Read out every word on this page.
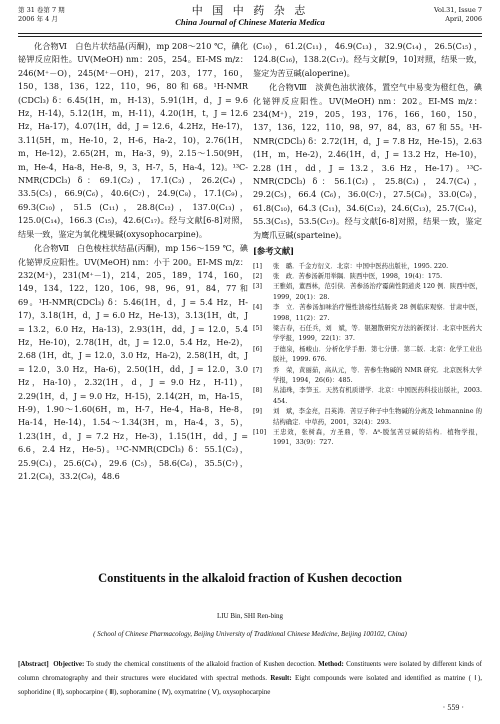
第 31 卷第 7 期
2006 年 4 月
中 国 中 药 杂 志
China Journal of Chinese Materia Medica
Vol.31, Issue 7
April, 2006

化合物Ⅵ　白色片状结晶(丙酮)，mp 208～210 ℃，碘化铋钾反应阳性。UV(MeOH) nm：205，254。EI-MS m/z：246(M⁺－O)，245(M⁺－OH)，217，203，177，160，150，138，136，122，110，96，80 和 68。¹H-NMR (CDCl₃) δ：6.45(1H，m，H-13)，5.91(1H，d，J = 9.6 Hz，H-14)，5.12(1H，m，H-11)，4.20(1H，t，J = 12.6 Hz，Ha-17)，4.07(1H，dd，J = 12.6，4.2Hz，He-17)，3.11(5H，m，He-10，2，H-6，Ha-2，10)，2.76(1H，m，He-12)，2.65(2H，m，Ha-3，9)，2.15～1.50(9H，m，He-4，Ha-8，He-8，9，3，H-7，5，Ha-4，12)。¹³C-NMR(CDCl₃) δ：69.1(C₂)，17.1(C₃)，26.2(C₄)，33.5(C₅)，66.9(C₆)，40.6(C₇)，24.9(C₈)，17.1(C₉)，69.3(C₁₀)，51.5 (C₁₁)，28.8(C₁₂)，137.0(C₁₃)，125.0(C₁₄)，166.3 (C₁₅)，42.6(C₁₇)。经与文献[6-8]对照，结果一致，鉴定为氧化槐果碱(oxysophocarpine)。

化合物Ⅶ　白色棱柱状结晶(丙酮)，mp 156～159 ℃，碘化铋钾反应阳性。UV(MeOH) nm：小于 200。EI-MS m/z：232(M⁺)，231(M⁺－1)，214，205，189，174，160，149，134，122，120，106，98，96，91，84，77 和 69。¹H-NMR(CDCl₃) δ：5.46(1H，d，J = 5.4 Hz，H-17)，3.18(1H，d，J = 6.0 Hz，He-13)，3.13(1H，dt，J = 13.2，6.0 Hz，Ha-13)，2.93(1H，dd，J = 12.0，5.4 Hz，He-10)，2.78(1H，dt，J = 12.0，5.4 Hz，He-2)，2.68 (1H，dt，J = 12.0，3.0 Hz，Ha-2)，2.58(1H，dt，J = 12.0，3.0 Hz，Ha-6)，2.50(1H，dd，J = 12.0，3.0 Hz，Ha-10)，2.32(1H，d，J = 9.0 Hz，H-11)，2.29(1H，d，J = 9.0 Hz，H-15)，2.14(2H，m，Ha-15，H-9)，1.90～1.60(6H，m，H-7，He-4，Ha-8，He-8，Ha-14，He-14)，1.54～1.34(3H，m，Ha-4，3，5)，1.23(1H，d，J = 7.2 Hz，He-3)，1.15(1H，dd，J = 6.6，2.4 Hz，He-5)。¹³C-NMR(CDCl₃) δ：55.1(C₂)，25.9(C₃)，25.6(C₄)，29.6 (C₅)，58.6(C₆)，35.5(C₇)，21.2(C₈)，33.2(C₉)，48.6

(C₁₀)，61.2(C₁₁)，46.9(C₁₃)，32.9(C₁₄)，26.5(C₁₅)，124.8(C₁₆)，138.2(C₁₇)。经与文献[9，10]对照，结果一致，鉴定为苦豆碱(aloperine)。

化合物Ⅷ　淡黄色油状液体，置空气中易变为橙红色，碘化铋钾反应阳性。UV(MeOH) nm：202。EI-MS m/z：234(M⁺)，219，205，193，176，166，160，150，137，136，122，110，98，97，84，83，67 和 55。¹H-NMR(CDCl₃) δ：2.72(1H，d，J = 7.8 Hz，He-15)，2.63 (1H，m，He-2)，2.46(1H，d，J = 13.2 Hz，He-10)，2.28 (1H，dd，J = 13.2，3.6 Hz，He-17)。¹³C-NMR(CDCl₃) δ：56.1(C₂)，25.8(C₃)，24.7(C₄)，29.2(C₅)，66.4 (C₆)，36.0(C₇)，27.5(C₈)，33.0(C₉)，61.8(C₁₀)，64.3 (C₁₁)，34.6(C₁₂)，24.6(C₁₃)，25.7(C₁₄)，55.3(C₁₅)，53.5(C₁₇)。经与文献[6-8]对照，结果一致，鉴定为鹰爪豆碱(sparteine)。

[参考文献]

[1]	张　璐．千金方衍义．北京：中国中医药出版社，1995. 220.
[2]	张　政．苦参汤新用举隅．陕西中医，1998，19(4)：175.
[3]	王雅娟，董西林，范引侠．苦参汤治疗霉菌性阴道炎 120 例．陕西中医，1999，20(1)：28.
[4]	李　立．苦参汤加味治疗慢性溃疡性结肠炎 28 例临床观察．甘肃中医，1998，11(2)：27.
[5]	梁吉春，石任兵，刘　斌，等．银翘散研究方法的新探讨．北京中医药大学学报，1999，22(1)：37.
[6]	于德泉，杨峻山．分析化学手册．第七分册．第二版．北京：化学工业出版社，1999. 676.
[7]	乔　荣，黄丽茹，高从元，等．苦参生物碱的 NMR 研究．北京医科大学学报，1994，26(6)：485.
[8]	丛浦珠，李笋玉．天然有机质谱学．北京：中国医药科技出版社，2003. 454.
[9]	刘　斌，李金亮，吕英涛．苦豆子种子中生物碱的分离及 lehmannine 的结构确定．中草药，2001，32(4)：293.
[10]	王忠效，张树森，方圣鼎，等．Δ⁸-脱氢苦豆碱的结构．植物学报，1991，33(9)：727.
Constituents in the alkaloid fraction of Kushen decoction
LIU Bin, SHI Ren-bing
( School of Chinese Pharmacology, Beijing University of Traditional Chinese Medicine, Beijing 100102, China)
[Abstract] Objective: To study the chemical constituents of the alkaloid fraction of Kushen decoction. Method: Constituents were isolated by different kinds of column chromatography and their structures were elucidated with spectral methods. Result: Eight compounds were isolated and identified as matrine ( Ⅰ), sophoridine ( Ⅱ), sophocarpine ( Ⅲ), sophoramine ( Ⅳ), oxymatrine ( Ⅴ), oxysophocarpine
· 559 ·
